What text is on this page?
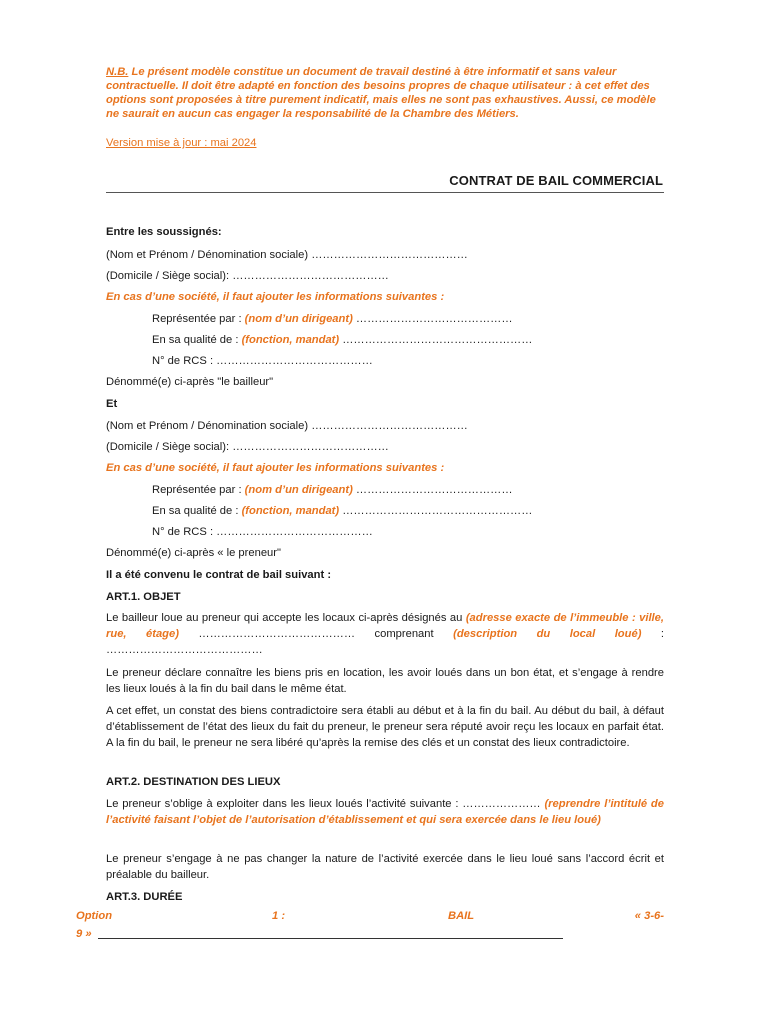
N.B. Le présent modèle constitue un document de travail destiné à être informatif et sans valeur contractuelle. Il doit être adapté en fonction des besoins propres de chaque utilisateur : à cet effet des options sont proposées à titre purement indicatif, mais elles ne sont pas exhaustives. Aussi, ce modèle ne saurait en aucun cas engager la responsabilité de la Chambre des Métiers.
Version mise à jour : mai 2024
CONTRAT DE BAIL COMMERCIAL
Entre les soussignés:
(Nom et Prénom / Dénomination sociale) ……………………………………
(Domicile / Siège social): ……………………………………
En cas d’une société, il faut ajouter les informations suivantes :
Représentée par : (nom d’un dirigeant) ……………………………………
En sa qualité de : (fonction, mandat) ……………………………………………
N° de RCS : ……………………………………
Dénommé(e) ci-après "le bailleur"
Et
(Nom et Prénom / Dénomination sociale) ……………………………………
(Domicile / Siège social): ……………………………………
En cas d’une société, il faut ajouter les informations suivantes :
Représentée par : (nom d’un dirigeant) ……………………………………
En sa qualité de : (fonction, mandat) ……………………………………………
N° de RCS : ……………………………………
Dénommé(e) ci-après « le preneur"
Il a été convenu le contrat de bail suivant :
ART.1. OBJET
Le bailleur loue au preneur qui accepte les locaux ci-après désignés au (adresse exacte de l’immeuble : ville, rue, étage) …………………………………… comprenant (description du local loué) : ……………………………………
Le preneur déclare connaître les biens pris en location, les avoir loués dans un bon état, et s’engage à rendre les lieux loués à la fin du bail dans le même état.
A cet effet, un constat des biens contradictoire sera établi au début et à la fin du bail. Au début du bail, à défaut d’établissement de l’état des lieux du fait du preneur, le preneur sera réputé avoir reçu les locaux en parfait état. A la fin du bail, le preneur ne sera libéré qu’après la remise des clés et un constat des lieux contradictoire.
ART.2. DESTINATION DES LIEUX
Le preneur s’oblige à exploiter dans les lieux loués l’activité suivante : ………………… (reprendre l’intitulé de l’activité faisant l’objet de l’autorisation d’établissement et qui sera exercée dans le lieu loué)
Le preneur s’engage à ne pas changer la nature de l’activité exercée dans le lieu loué sans l’accord écrit et préalable du bailleur.
ART.3. DURÉE
Option	1 :	BAIL	« 3-6-
9 »
